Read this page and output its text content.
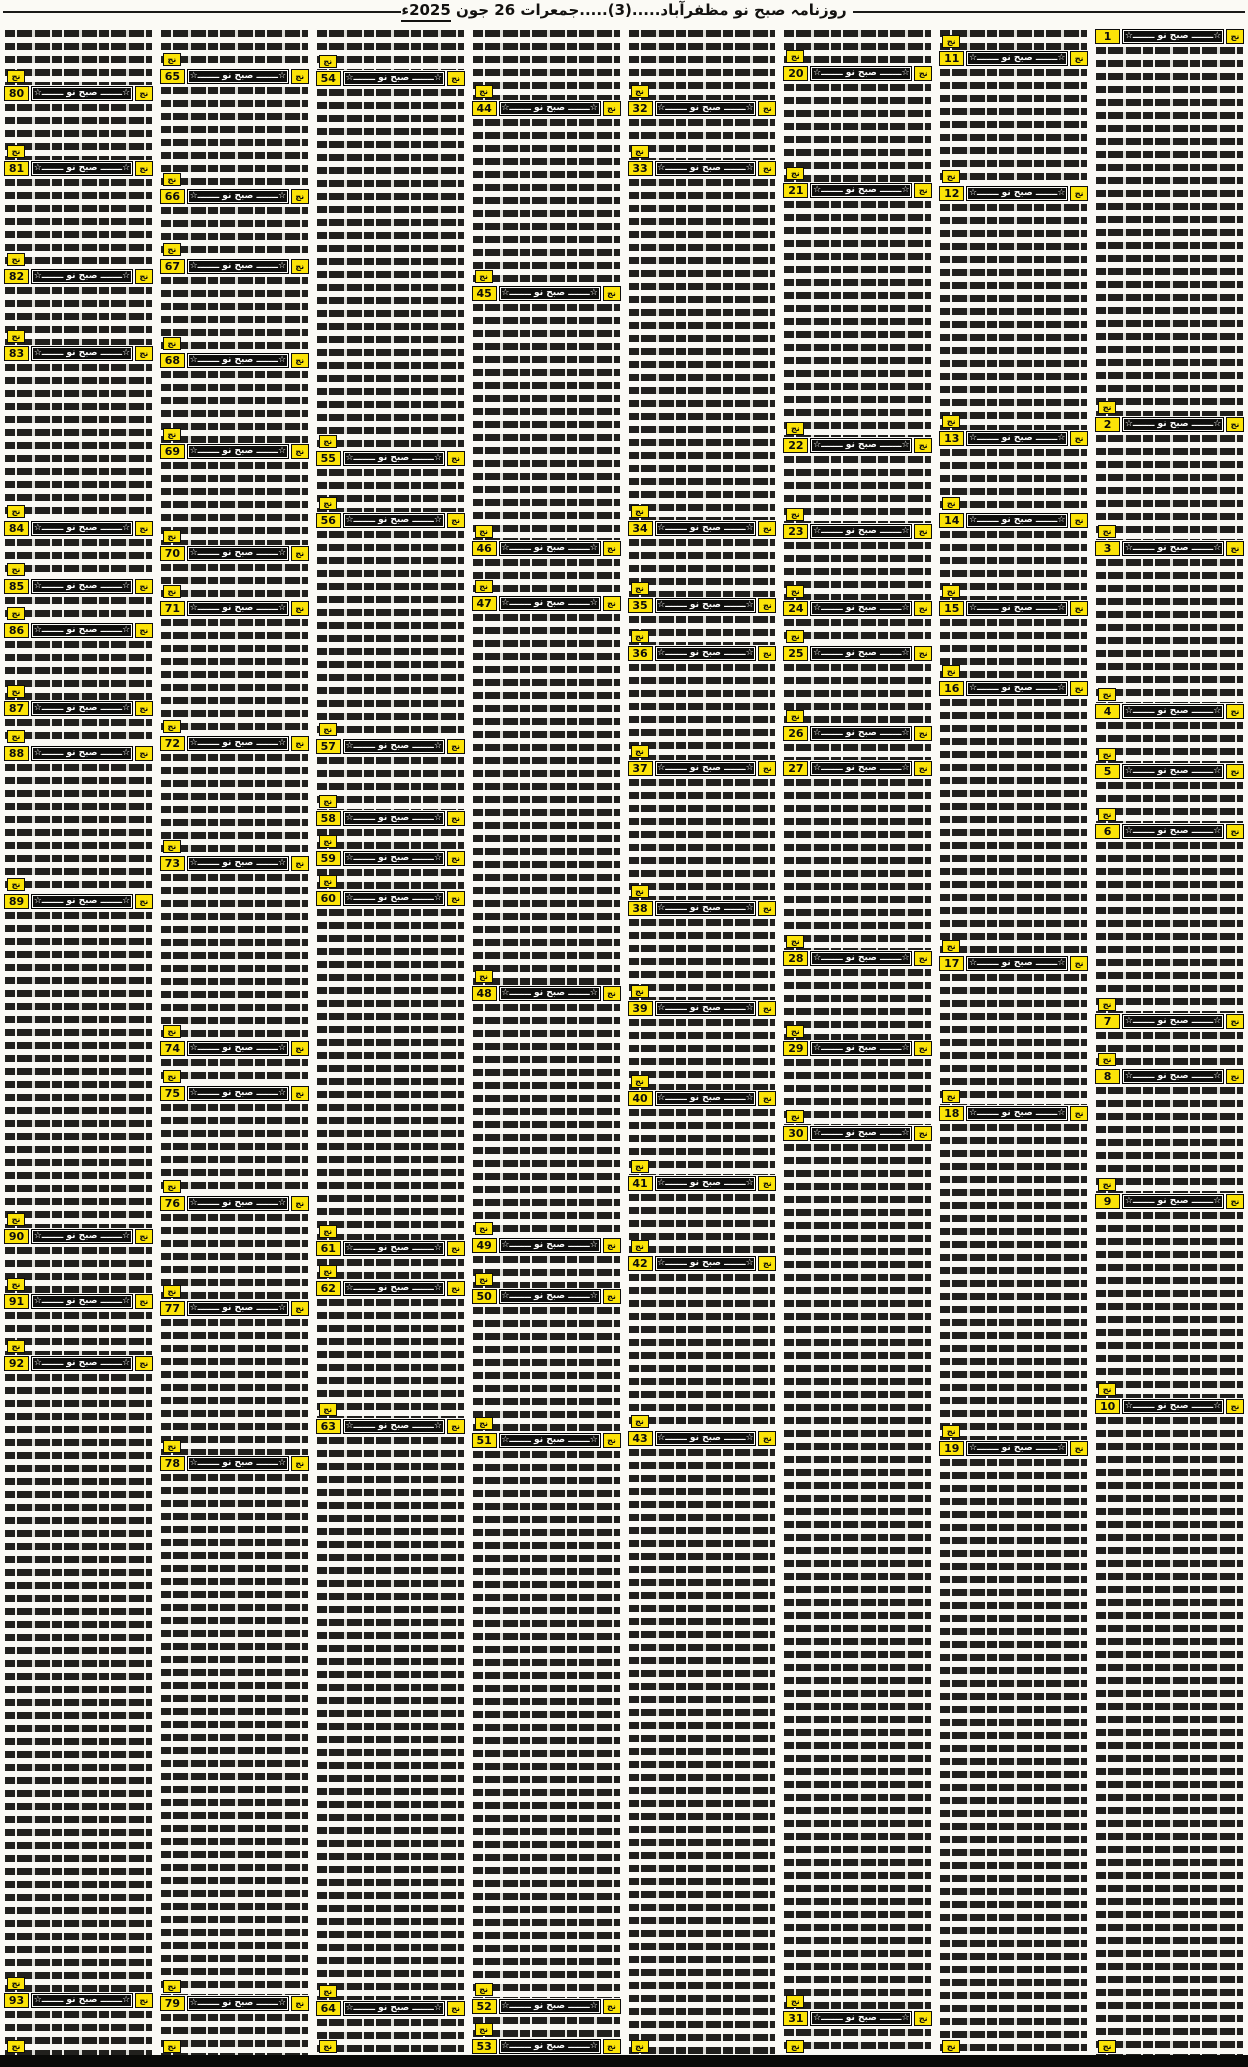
روزنامہ صبح نو مظفرآباد.....(3).....جمعرات 26 جون 2025ء
1	☆ـــــــ صبح نو ـــــــ☆	نج
نج
2	☆ـــــــ صبح نو ـــــــ☆	نج
نج
3	☆ـــــــ صبح نو ـــــــ☆	نج
نج
4	☆ـــــــ صبح نو ـــــــ☆	نج
نج
5	☆ـــــــ صبح نو ـــــــ☆	نج
نج
6	☆ـــــــ صبح نو ـــــــ☆	نج
نج
7	☆ـــــــ صبح نو ـــــــ☆	نج
نج
8	☆ـــــــ صبح نو ـــــــ☆	نج
نج
9	☆ـــــــ صبح نو ـــــــ☆	نج
نج
10	☆ـــــــ صبح نو ـــــــ☆	نج
نج
نج
11	☆ـــــــ صبح نو ـــــــ☆	نج
نج
12	☆ـــــــ صبح نو ـــــــ☆	نج
نج
13	☆ـــــــ صبح نو ـــــــ☆	نج
نج
14	☆ـــــــ صبح نو ـــــــ☆	نج
نج
15	☆ـــــــ صبح نو ـــــــ☆	نج
نج
16	☆ـــــــ صبح نو ـــــــ☆	نج
نج
17	☆ـــــــ صبح نو ـــــــ☆	نج
نج
18	☆ـــــــ صبح نو ـــــــ☆	نج
نج
19	☆ـــــــ صبح نو ـــــــ☆	نج
نج
نج
20	☆ـــــــ صبح نو ـــــــ☆	نج
نج
21	☆ـــــــ صبح نو ـــــــ☆	نج
نج
22	☆ـــــــ صبح نو ـــــــ☆	نج
نج
23	☆ـــــــ صبح نو ـــــــ☆	نج
نج
24	☆ـــــــ صبح نو ـــــــ☆	نج
نج
25	☆ـــــــ صبح نو ـــــــ☆	نج
نج
26	☆ـــــــ صبح نو ـــــــ☆	نج
27	☆ـــــــ صبح نو ـــــــ☆	نج
نج
28	☆ـــــــ صبح نو ـــــــ☆	نج
نج
29	☆ـــــــ صبح نو ـــــــ☆	نج
نج
30	☆ـــــــ صبح نو ـــــــ☆	نج
نج
31	☆ـــــــ صبح نو ـــــــ☆	نج
نج
نج
32	☆ـــــــ صبح نو ـــــــ☆	نج
نج
33	☆ـــــــ صبح نو ـــــــ☆	نج
نج
34	☆ـــــــ صبح نو ـــــــ☆	نج
نج
35	☆ـــــــ صبح نو ـــــــ☆	نج
نج
36	☆ـــــــ صبح نو ـــــــ☆	نج
نج
37	☆ـــــــ صبح نو ـــــــ☆	نج
نج
38	☆ـــــــ صبح نو ـــــــ☆	نج
نج
39	☆ـــــــ صبح نو ـــــــ☆	نج
نج
40	☆ـــــــ صبح نو ـــــــ☆	نج
نج
41	☆ـــــــ صبح نو ـــــــ☆	نج
نج
42	☆ـــــــ صبح نو ـــــــ☆	نج
نج
43	☆ـــــــ صبح نو ـــــــ☆	نج
نج
نج
44	☆ـــــــ صبح نو ـــــــ☆	نج
نج
45	☆ـــــــ صبح نو ـــــــ☆	نج
نج
46	☆ـــــــ صبح نو ـــــــ☆	نج
نج
47	☆ـــــــ صبح نو ـــــــ☆	نج
نج
48	☆ـــــــ صبح نو ـــــــ☆	نج
نج
49	☆ـــــــ صبح نو ـــــــ☆	نج
نج
50	☆ـــــــ صبح نو ـــــــ☆	نج
نج
51	☆ـــــــ صبح نو ـــــــ☆	نج
نج
52	☆ـــــــ صبح نو ـــــــ☆	نج
نج
53	☆ـــــــ صبح نو ـــــــ☆	نج
نج
54	☆ـــــــ صبح نو ـــــــ☆	نج
نج
55	☆ـــــــ صبح نو ـــــــ☆	نج
نج
56	☆ـــــــ صبح نو ـــــــ☆	نج
نج
57	☆ـــــــ صبح نو ـــــــ☆	نج
نج
58	☆ـــــــ صبح نو ـــــــ☆	نج
نج
59	☆ـــــــ صبح نو ـــــــ☆	نج
نج
60	☆ـــــــ صبح نو ـــــــ☆	نج
نج
61	☆ـــــــ صبح نو ـــــــ☆	نج
نج
62	☆ـــــــ صبح نو ـــــــ☆	نج
نج
63	☆ـــــــ صبح نو ـــــــ☆	نج
نج
64	☆ـــــــ صبح نو ـــــــ☆	نج
نج
نج
65	☆ـــــــ صبح نو ـــــــ☆	نج
نج
66	☆ـــــــ صبح نو ـــــــ☆	نج
نج
67	☆ـــــــ صبح نو ـــــــ☆	نج
نج
68	☆ـــــــ صبح نو ـــــــ☆	نج
نج
69	☆ـــــــ صبح نو ـــــــ☆	نج
نج
70	☆ـــــــ صبح نو ـــــــ☆	نج
نج
71	☆ـــــــ صبح نو ـــــــ☆	نج
نج
72	☆ـــــــ صبح نو ـــــــ☆	نج
نج
73	☆ـــــــ صبح نو ـــــــ☆	نج
نج
74	☆ـــــــ صبح نو ـــــــ☆	نج
نج
75	☆ـــــــ صبح نو ـــــــ☆	نج
نج
76	☆ـــــــ صبح نو ـــــــ☆	نج
نج
77	☆ـــــــ صبح نو ـــــــ☆	نج
نج
78	☆ـــــــ صبح نو ـــــــ☆	نج
نج
79	☆ـــــــ صبح نو ـــــــ☆	نج
نج
نج
80	☆ـــــــ صبح نو ـــــــ☆	نج
نج
81	☆ـــــــ صبح نو ـــــــ☆	نج
نج
82	☆ـــــــ صبح نو ـــــــ☆	نج
نج
83	☆ـــــــ صبح نو ـــــــ☆	نج
نج
84	☆ـــــــ صبح نو ـــــــ☆	نج
نج
85	☆ـــــــ صبح نو ـــــــ☆	نج
نج
86	☆ـــــــ صبح نو ـــــــ☆	نج
نج
87	☆ـــــــ صبح نو ـــــــ☆	نج
نج
88	☆ـــــــ صبح نو ـــــــ☆	نج
نج
89	☆ـــــــ صبح نو ـــــــ☆	نج
نج
90	☆ـــــــ صبح نو ـــــــ☆	نج
نج
91	☆ـــــــ صبح نو ـــــــ☆	نج
نج
92	☆ـــــــ صبح نو ـــــــ☆	نج
نج
93	☆ـــــــ صبح نو ـــــــ☆	نج
نج
